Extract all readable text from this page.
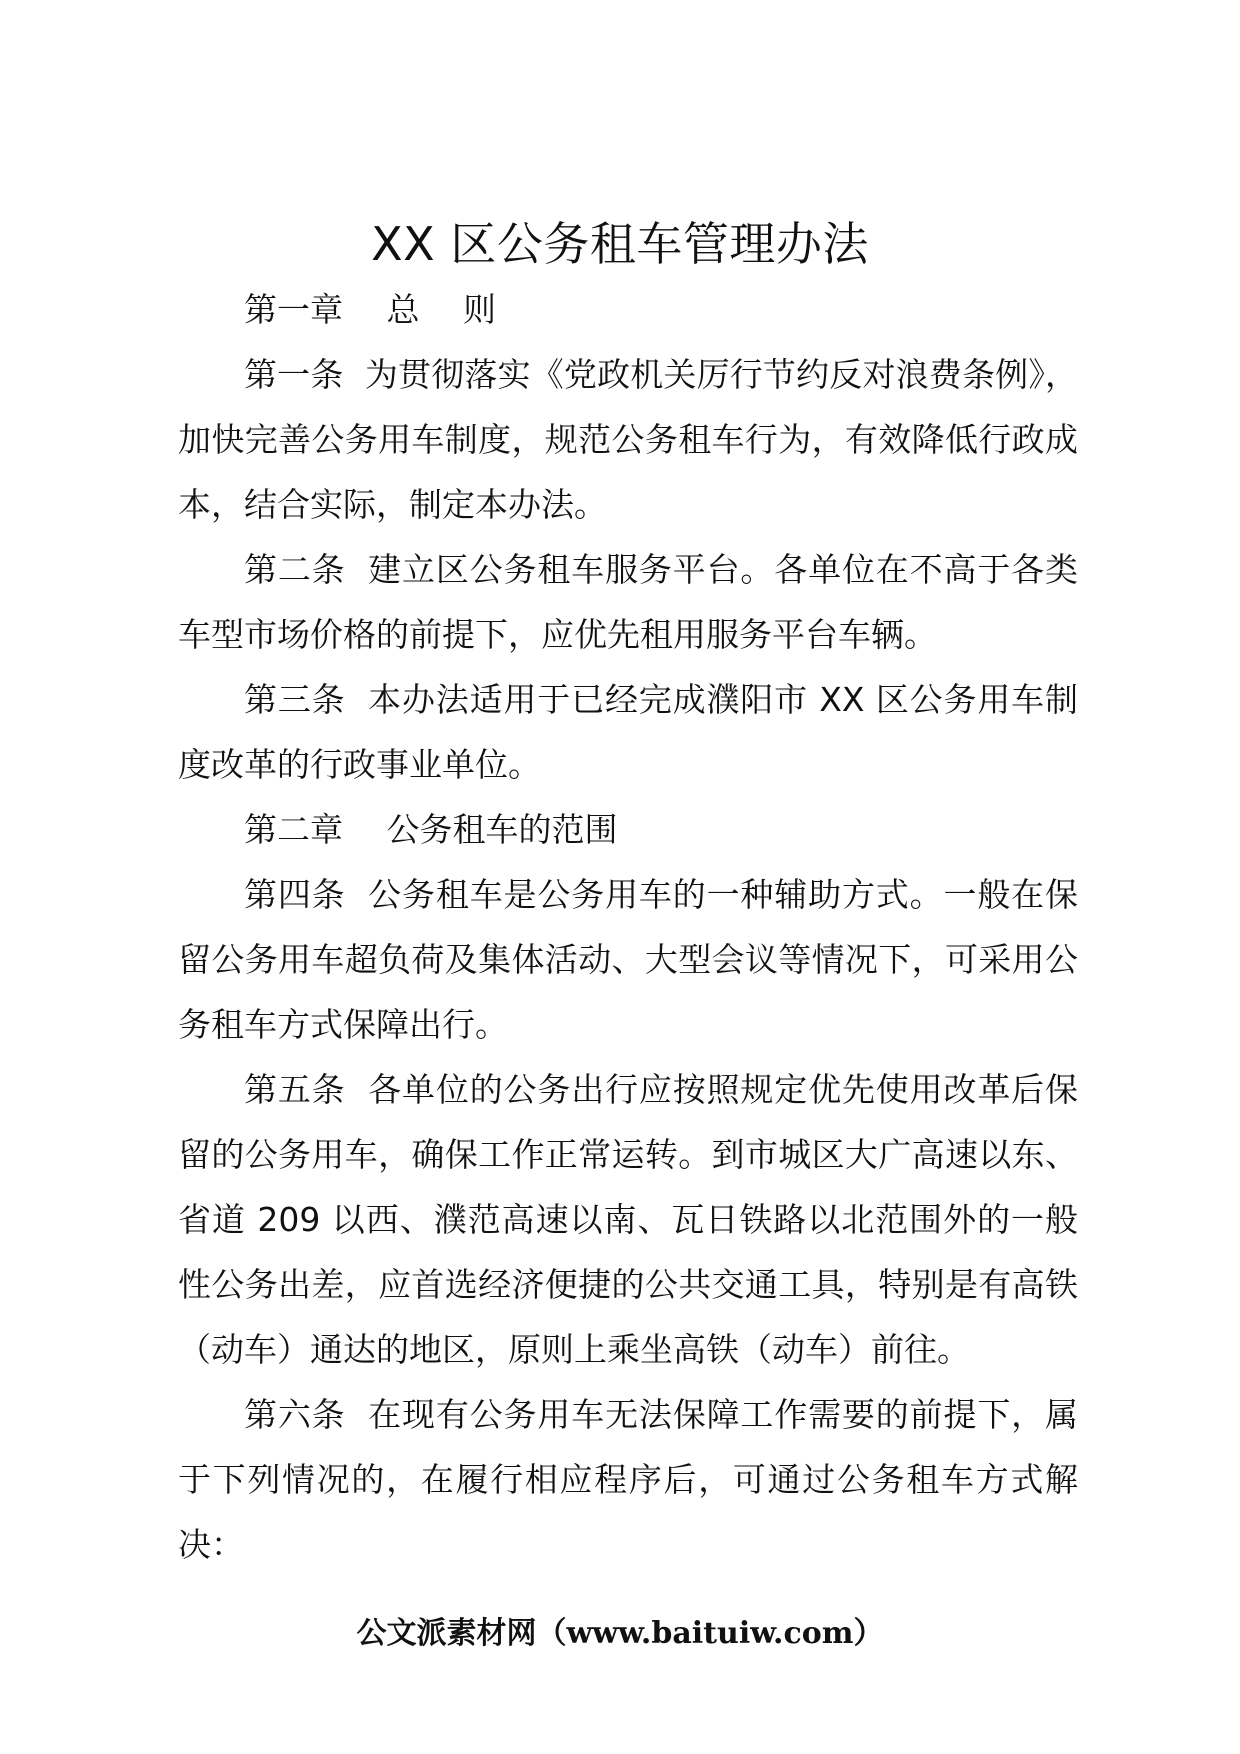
XX 区公务租车管理办法

第一章　 总　 则

第一条  为贯彻落实《党政机关厉行节约反对浪费条例》，加快完善公务用车制度，规范公务租车行为，有效降低行政成本，结合实际，制定本办法。

第二条  建立区公务租车服务平台。各单位在不高于各类车型市场价格的前提下，应优先租用服务平台车辆。

第三条  本办法适用于已经完成濮阳市 XX 区公务用车制度改革的行政事业单位。

第二章　 公务租车的范围

第四条  公务租车是公务用车的一种辅助方式。一般在保留公务用车超负荷及集体活动、大型会议等情况下，可采用公务租车方式保障出行。

第五条  各单位的公务出行应按照规定优先使用改革后保留的公务用车，确保工作正常运转。到市城区大广高速以东、省道 209 以西、濮范高速以南、瓦日铁路以北范围外的一般性公务出差，应首选经济便捷的公共交通工具，特别是有高铁（动车）通达的地区，原则上乘坐高铁（动车）前往。

第六条  在现有公务用车无法保障工作需要的前提下，属于下列情况的，在履行相应程序后，可通过公务租车方式解决：

公文派素材网（www.baituiw.com）
